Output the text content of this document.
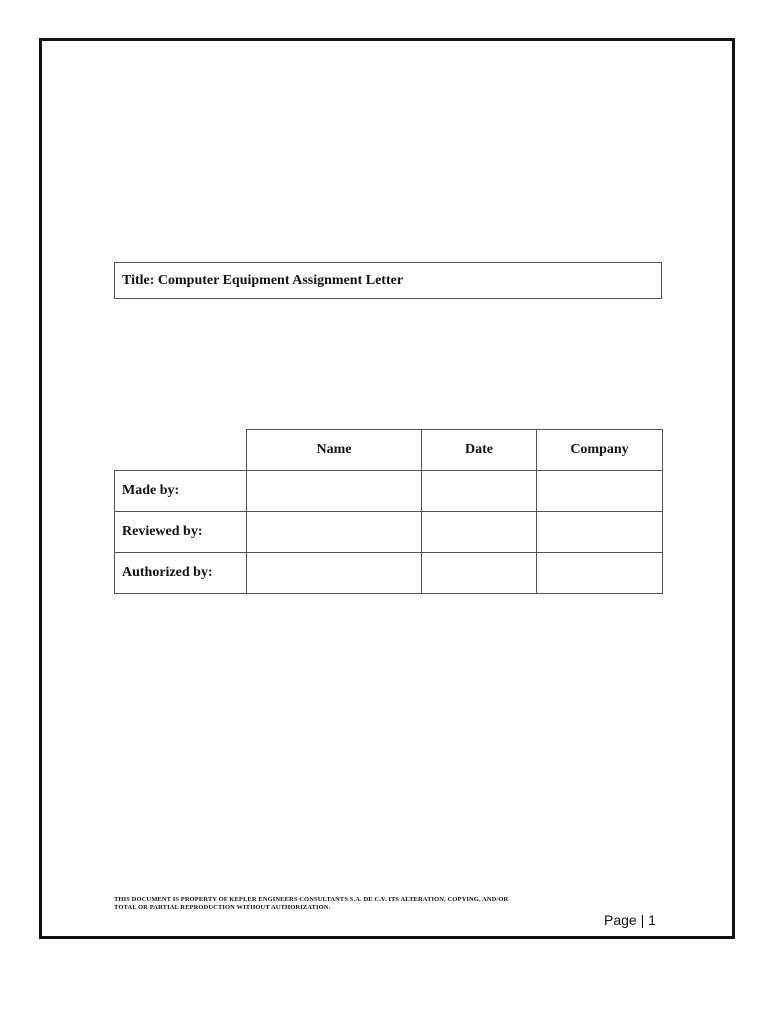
Title: Computer Equipment Assignment Letter
	Name	Date	Company
Made by:			
Reviewed by:			
Authorized by:			
THIS DOCUMENT IS PROPERTY OF KEPLER ENGINEERS CONSULTANTS S.A. DE C.V. ITS ALTERATION, COPYING, AND/OR
TOTAL OR PARTIAL REPRODUCTION WITHOUT AUTHORIZATION.
Page | 1
